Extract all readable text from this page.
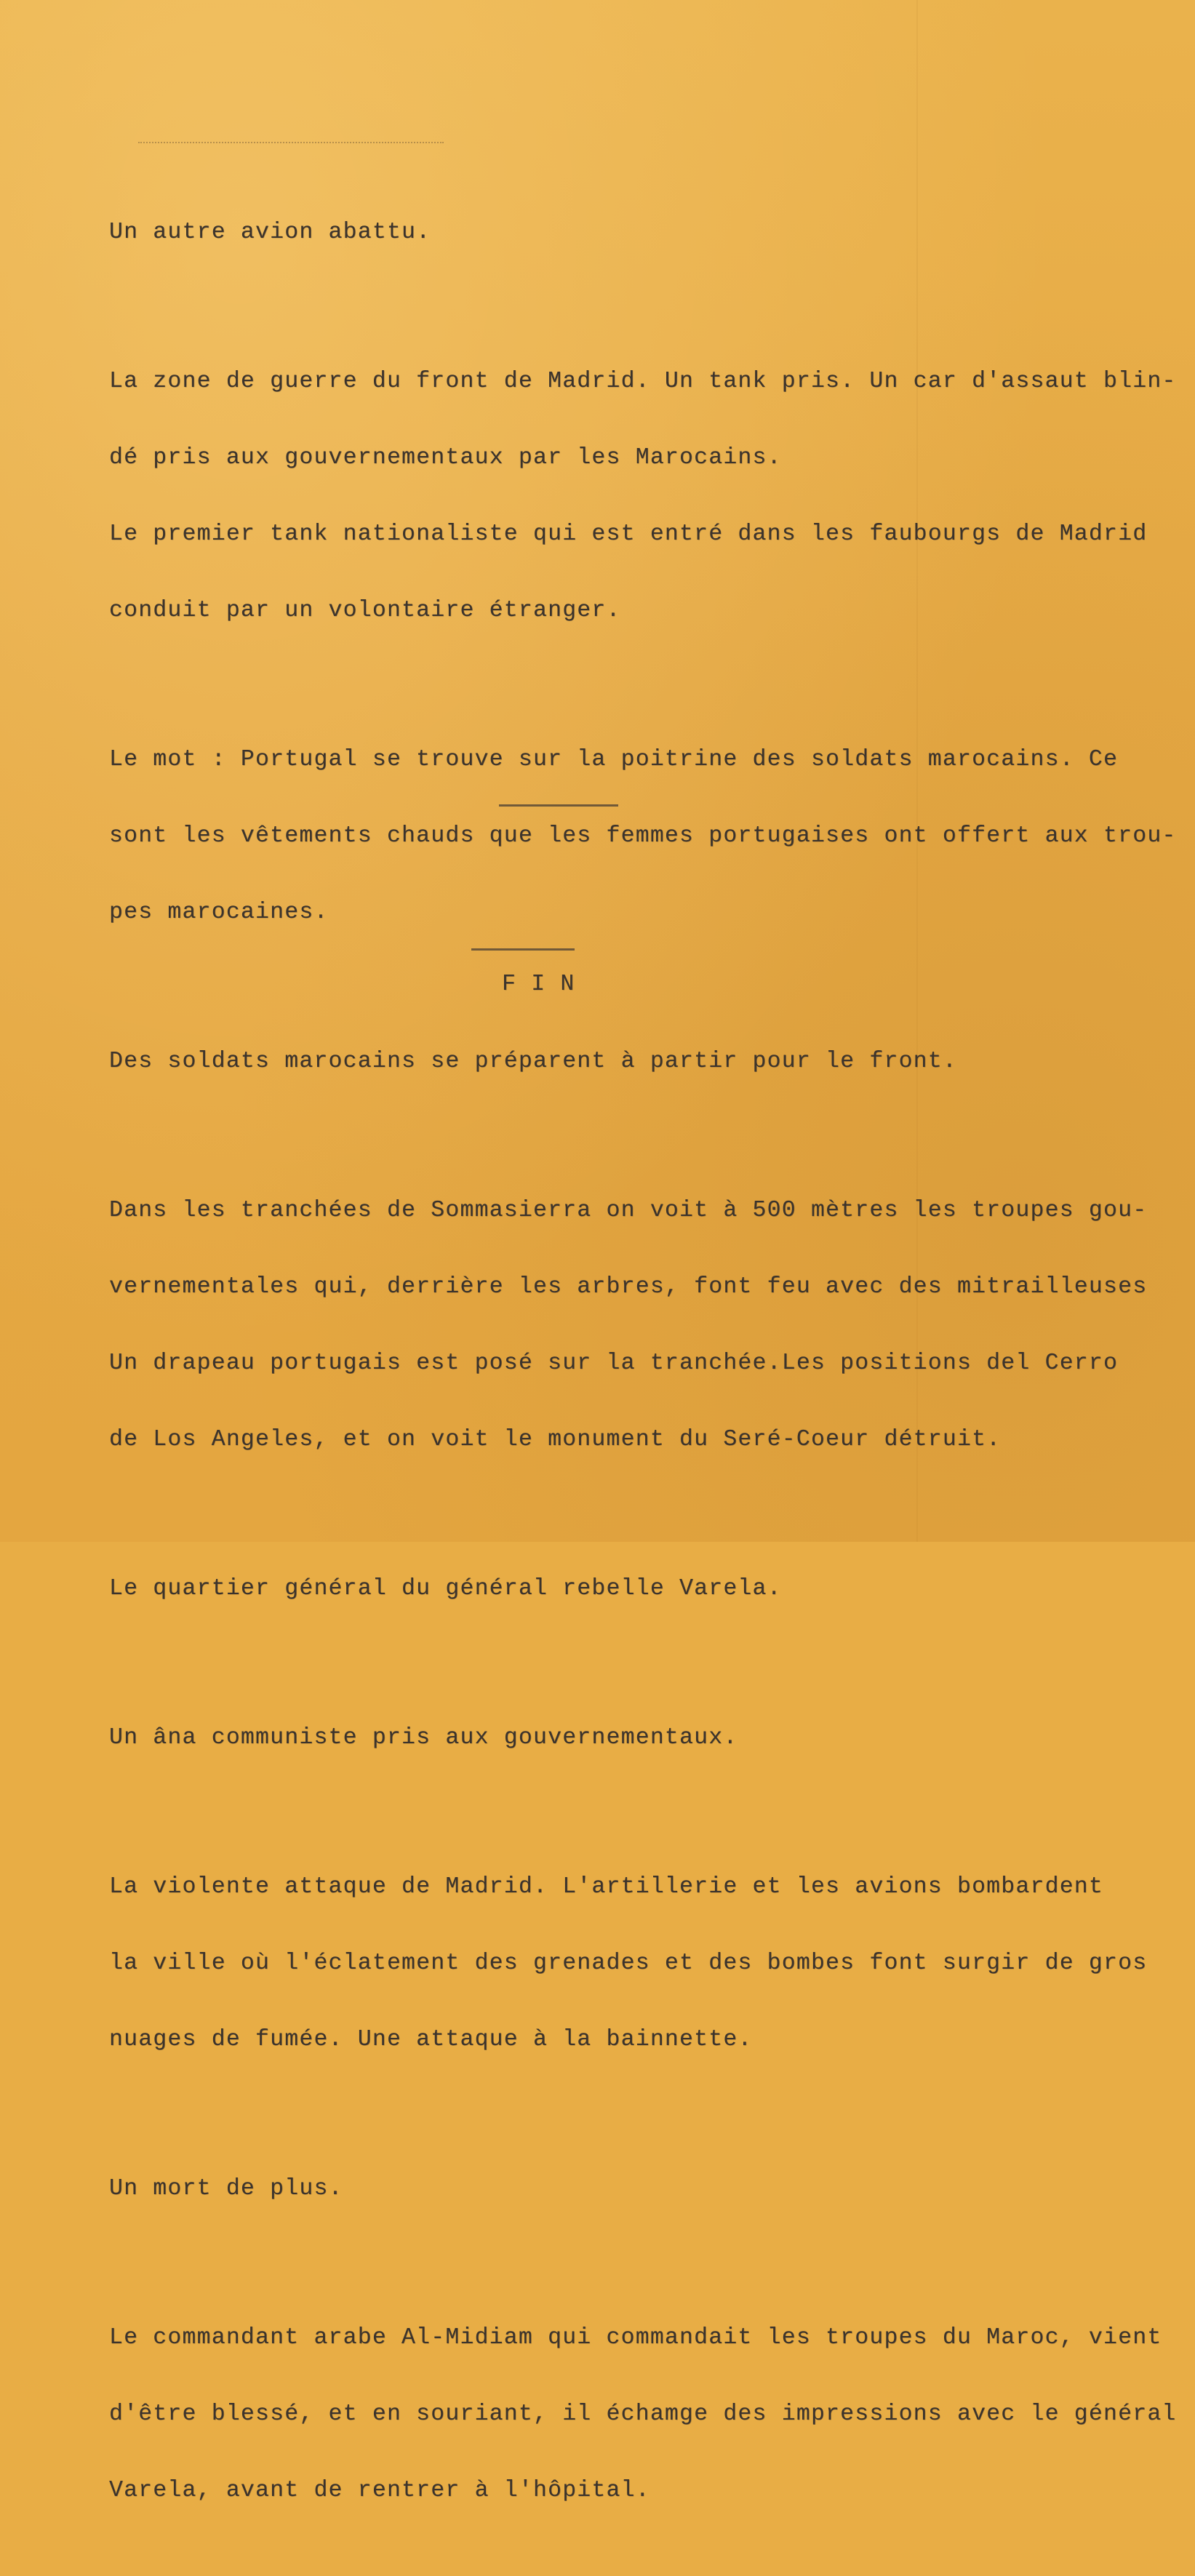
Un autre avion abattu.

La zone de guerre du front de Madrid. Un tank pris. Un car d'assaut blin-

dé pris aux gouvernementaux par les Marocains.

Le premier tank nationaliste qui est entré dans les faubourgs de Madrid

conduit par un volontaire étranger.

Le mot : Portugal se trouve sur la poitrine des soldats marocains. Ce

sont les vêtements chauds que les femmes portugaises ont offert aux trou-

pes marocaines.

Des soldats marocains se préparent à partir pour le front.

Dans les tranchées de Sommasierra on voit à 500 mètres les troupes gou-

vernementales qui, derrière les arbres, font feu avec des mitrailleuses

Un drapeau portugais est posé sur la tranchée.Les positions del Cerro

de Los Angeles, et on voit le monument du Seré-Coeur détruit.

Le quartier général du général rebelle Varela.

Un âna communiste pris aux gouvernementaux.

La violente attaque de Madrid. L'artillerie et les avions bombardent

la ville où l'éclatement des grenades et des bombes font surgir de gros

nuages de fumée. Une attaque à la bainnette.

Un mort de plus.

Le commandant arabe Al-Midiam qui commandait les troupes du Maroc, vient

d'être blessé, et en souriant, il échamge des impressions avec le général

Varela, avant de rentrer à l'hôpital.

F I N
